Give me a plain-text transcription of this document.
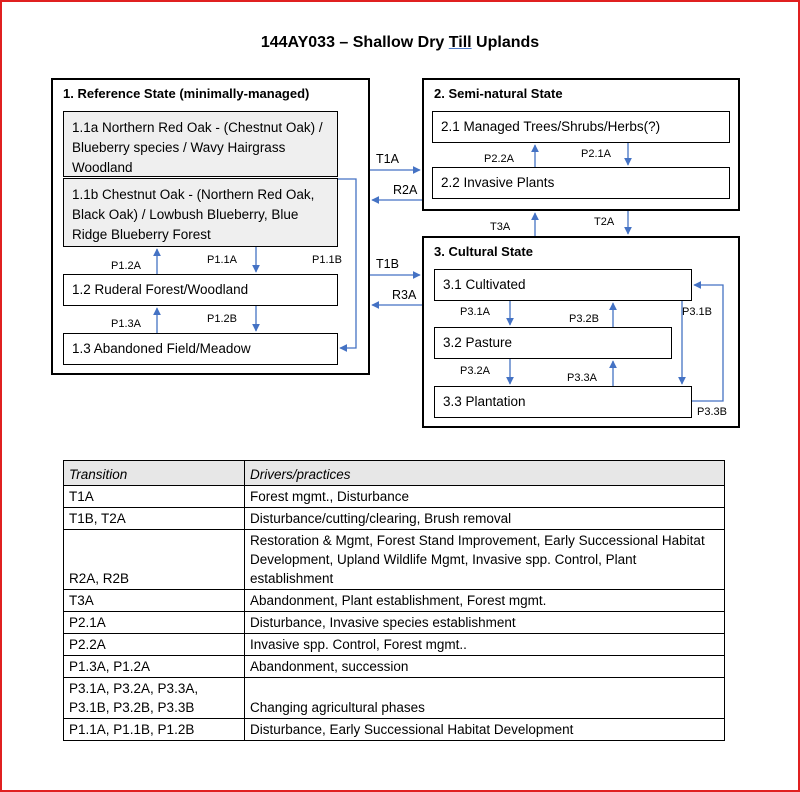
144AY033 – Shallow Dry Till Uplands
1. Reference State (minimally-managed)
1.1a Northern Red Oak - (Chestnut Oak) / Blueberry species / Wavy Hairgrass Woodland
1.1b Chestnut Oak - (Northern Red Oak, Black Oak) / Lowbush Blueberry, Blue Ridge Blueberry Forest
1.2 Ruderal Forest/Woodland
1.3 Abandoned Field/Meadow
2. Semi-natural State
2.1 Managed Trees/Shrubs/Herbs(?)
2.2 Invasive Plants
3. Cultural State
3.1 Cultivated
3.2 Pasture
3.3 Plantation
T1A
R2A
T1B
R3A
T3A	T2A
P1.2A	P1.1A	P1.1B
P1.3A	P1.2B
P2.2A	P2.1A
P3.1A
P3.2B
P3.1B
P3.2A
P3.3A
P3.3B
Transition	Drivers/practices
T1A	Forest mgmt., Disturbance
T1B, T2A	Disturbance/cutting/clearing, Brush removal
R2A, R2B	Restoration & Mgmt, Forest Stand Improvement, Early Successional Habitat Development, Upland Wildlife Mgmt, Invasive spp. Control, Plant establishment
T3A	Abandonment, Plant establishment, Forest mgmt.
P2.1A	Disturbance, Invasive species establishment
P2.2A	Invasive spp. Control, Forest mgmt..
P1.3A, P1.2A	Abandonment, succession
P3.1A, P3.2A, P3.3A, P3.1B, P3.2B, P3.3B	Changing agricultural phases
P1.1A, P1.1B, P1.2B	Disturbance, Early Successional Habitat Development
